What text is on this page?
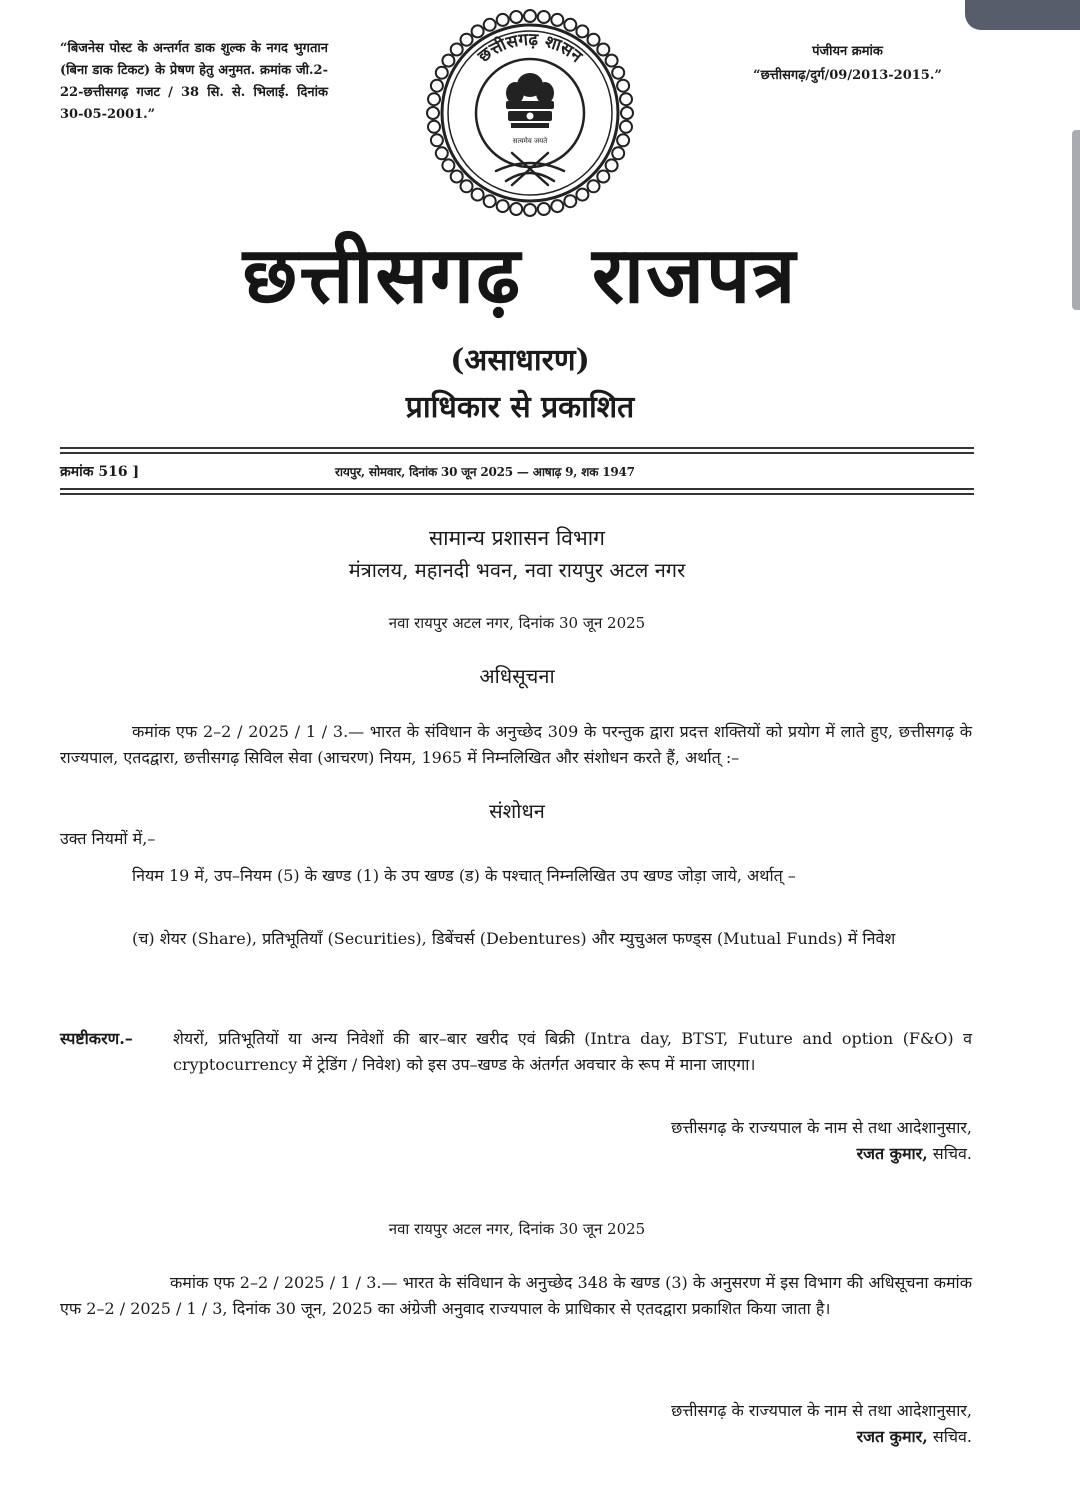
“बिजनेस पोस्ट के अन्तर्गत डाक शुल्क के नगद भुगतान (बिना डाक टिकट) के प्रेषण हेतु अनुमत. क्रमांक जी.2-22-छत्तीसगढ़ गजट / 38 सि. से. भिलाई. दिनांक 30-05-2001.”
पंजीयन क्रमांक
“छत्तीसगढ़/दुर्ग/09/2013-2015.”
छत्तीसगढ़ शासन
सत्यमेव जयते
छत्तीसगढ़ राजपत्र
(असाधारण)
प्राधिकार से प्रकाशित
क्रमांक 516 ]	रायपुर, सोमवार, दिनांक 30 जून 2025 — आषाढ़ 9, शक 1947
सामान्य प्रशासन विभाग
मंत्रालय, महानदी भवन, नवा रायपुर अटल नगर
नवा रायपुर अटल नगर, दिनांक 30 जून 2025
अधिसूचना
कमांक एफ 2–2 / 2025 / 1 / 3.— भारत के संविधान के अनुच्छेद 309 के परन्तुक द्वारा प्रदत्त शक्तियों को प्रयोग में लाते हुए, छत्तीसगढ़ के राज्यपाल, एतदद्वारा, छत्तीसगढ़ सिविल सेवा (आचरण) नियम, 1965 में निम्नलिखित और संशोधन करते हैं, अर्थात् :–
संशोधन
उक्त नियमों में,–
नियम 19 में, उप–नियम (5) के खण्ड (1) के उप खण्ड (ड) के पश्चात् निम्नलिखित उप खण्ड जोड़ा जाये, अर्थात् –
(च) शेयर (Share), प्रतिभूतियॉं (Securities), डिबेंचर्स (Debentures) और म्युचुअल फण्ड्स (Mutual Funds) में निवेश
स्पष्टीकरण.–	शेयरों, प्रतिभूतियों या अन्य निवेशों की बार–बार खरीद एवं बिक्री (Intra day, BTST, Future and option (F&O) व cryptocurrency में ट्रेडिंग / निवेश) को इस उप–खण्ड के अंतर्गत अवचार के रूप में माना जाएगा।
छत्तीसगढ़ के राज्यपाल के नाम से तथा आदेशानुसार,
रजत कुमार, सचिव.
नवा रायपुर अटल नगर, दिनांक 30 जून 2025
कमांक एफ 2–2 / 2025 / 1 / 3.— भारत के संविधान के अनुच्छेद 348 के खण्ड (3) के अनुसरण में इस विभाग की अधिसूचना कमांक एफ 2–2 / 2025 / 1 / 3, दिनांक 30 जून, 2025 का अंग्रेजी अनुवाद राज्यपाल के प्राधिकार से एतदद्वारा प्रकाशित किया जाता है।
छत्तीसगढ़ के राज्यपाल के नाम से तथा आदेशानुसार,
रजत कुमार, सचिव.
